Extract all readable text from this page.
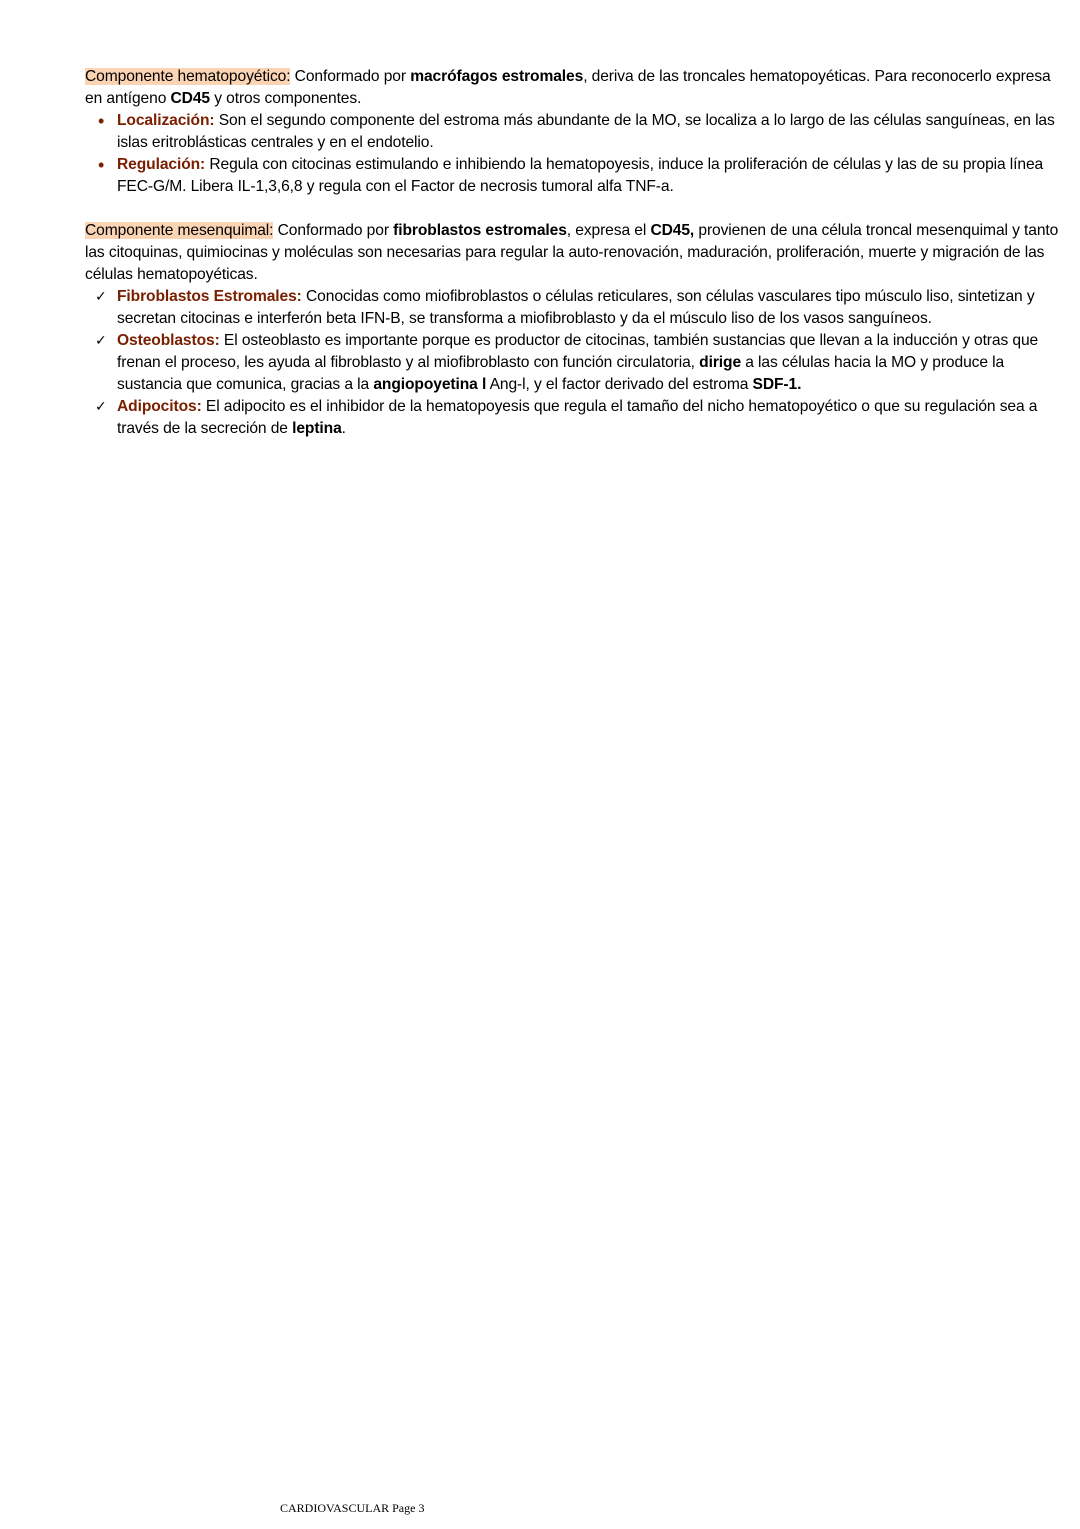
Componente hematopoyético: Conformado por macrófagos estromales, deriva de las troncales hematopoyéticas. Para reconocerlo expresa en antígeno CD45 y otros componentes.

• Localización: Son el segundo componente del estroma más abundante de la MO, se localiza a lo largo de las células sanguíneas, en las islas eritroblásticas centrales y en el endotelio.
• Regulación: Regula con citocinas estimulando e inhibiendo la hematopoyesis, induce la proliferación de células y las de su propia línea FEC-G/M. Libera IL-1,3,6,8 y regula con el Factor de necrosis tumoral alfa TNF-a.

Componente mesenquimal: Conformado por fibroblastos estromales, expresa el CD45, provienen de una célula troncal mesenquimal y tanto las citoquinas, quimiocinas y moléculas son necesarias para regular la auto-renovación, maduración, proliferación, muerte y migración de las células hematopoyéticas.

✓ Fibroblastos Estromales: Conocidas como miofibroblastos o células reticulares, son células vasculares tipo músculo liso, sintetizan y secretan citocinas e interferón beta IFN-B, se transforma a miofibroblasto y da el músculo liso de los vasos sanguíneos.
✓ Osteoblastos: El osteoblasto es importante porque es productor de citocinas, también sustancias que llevan a la inducción y otras que frenan el proceso, les ayuda al fibroblasto y al miofibroblasto con función circulatoria, dirige a las células hacia la MO y produce la sustancia que comunica, gracias a la angiopoyetina l Ang-l, y el factor derivado del estroma SDF-1.
✓ Adipocitos: El adipocito es el inhibidor de la hematopoyesis que regula el tamaño del nicho hematopoyético o que su regulación sea a través de la secreción de leptina.
CARDIOVASCULAR Page 3
